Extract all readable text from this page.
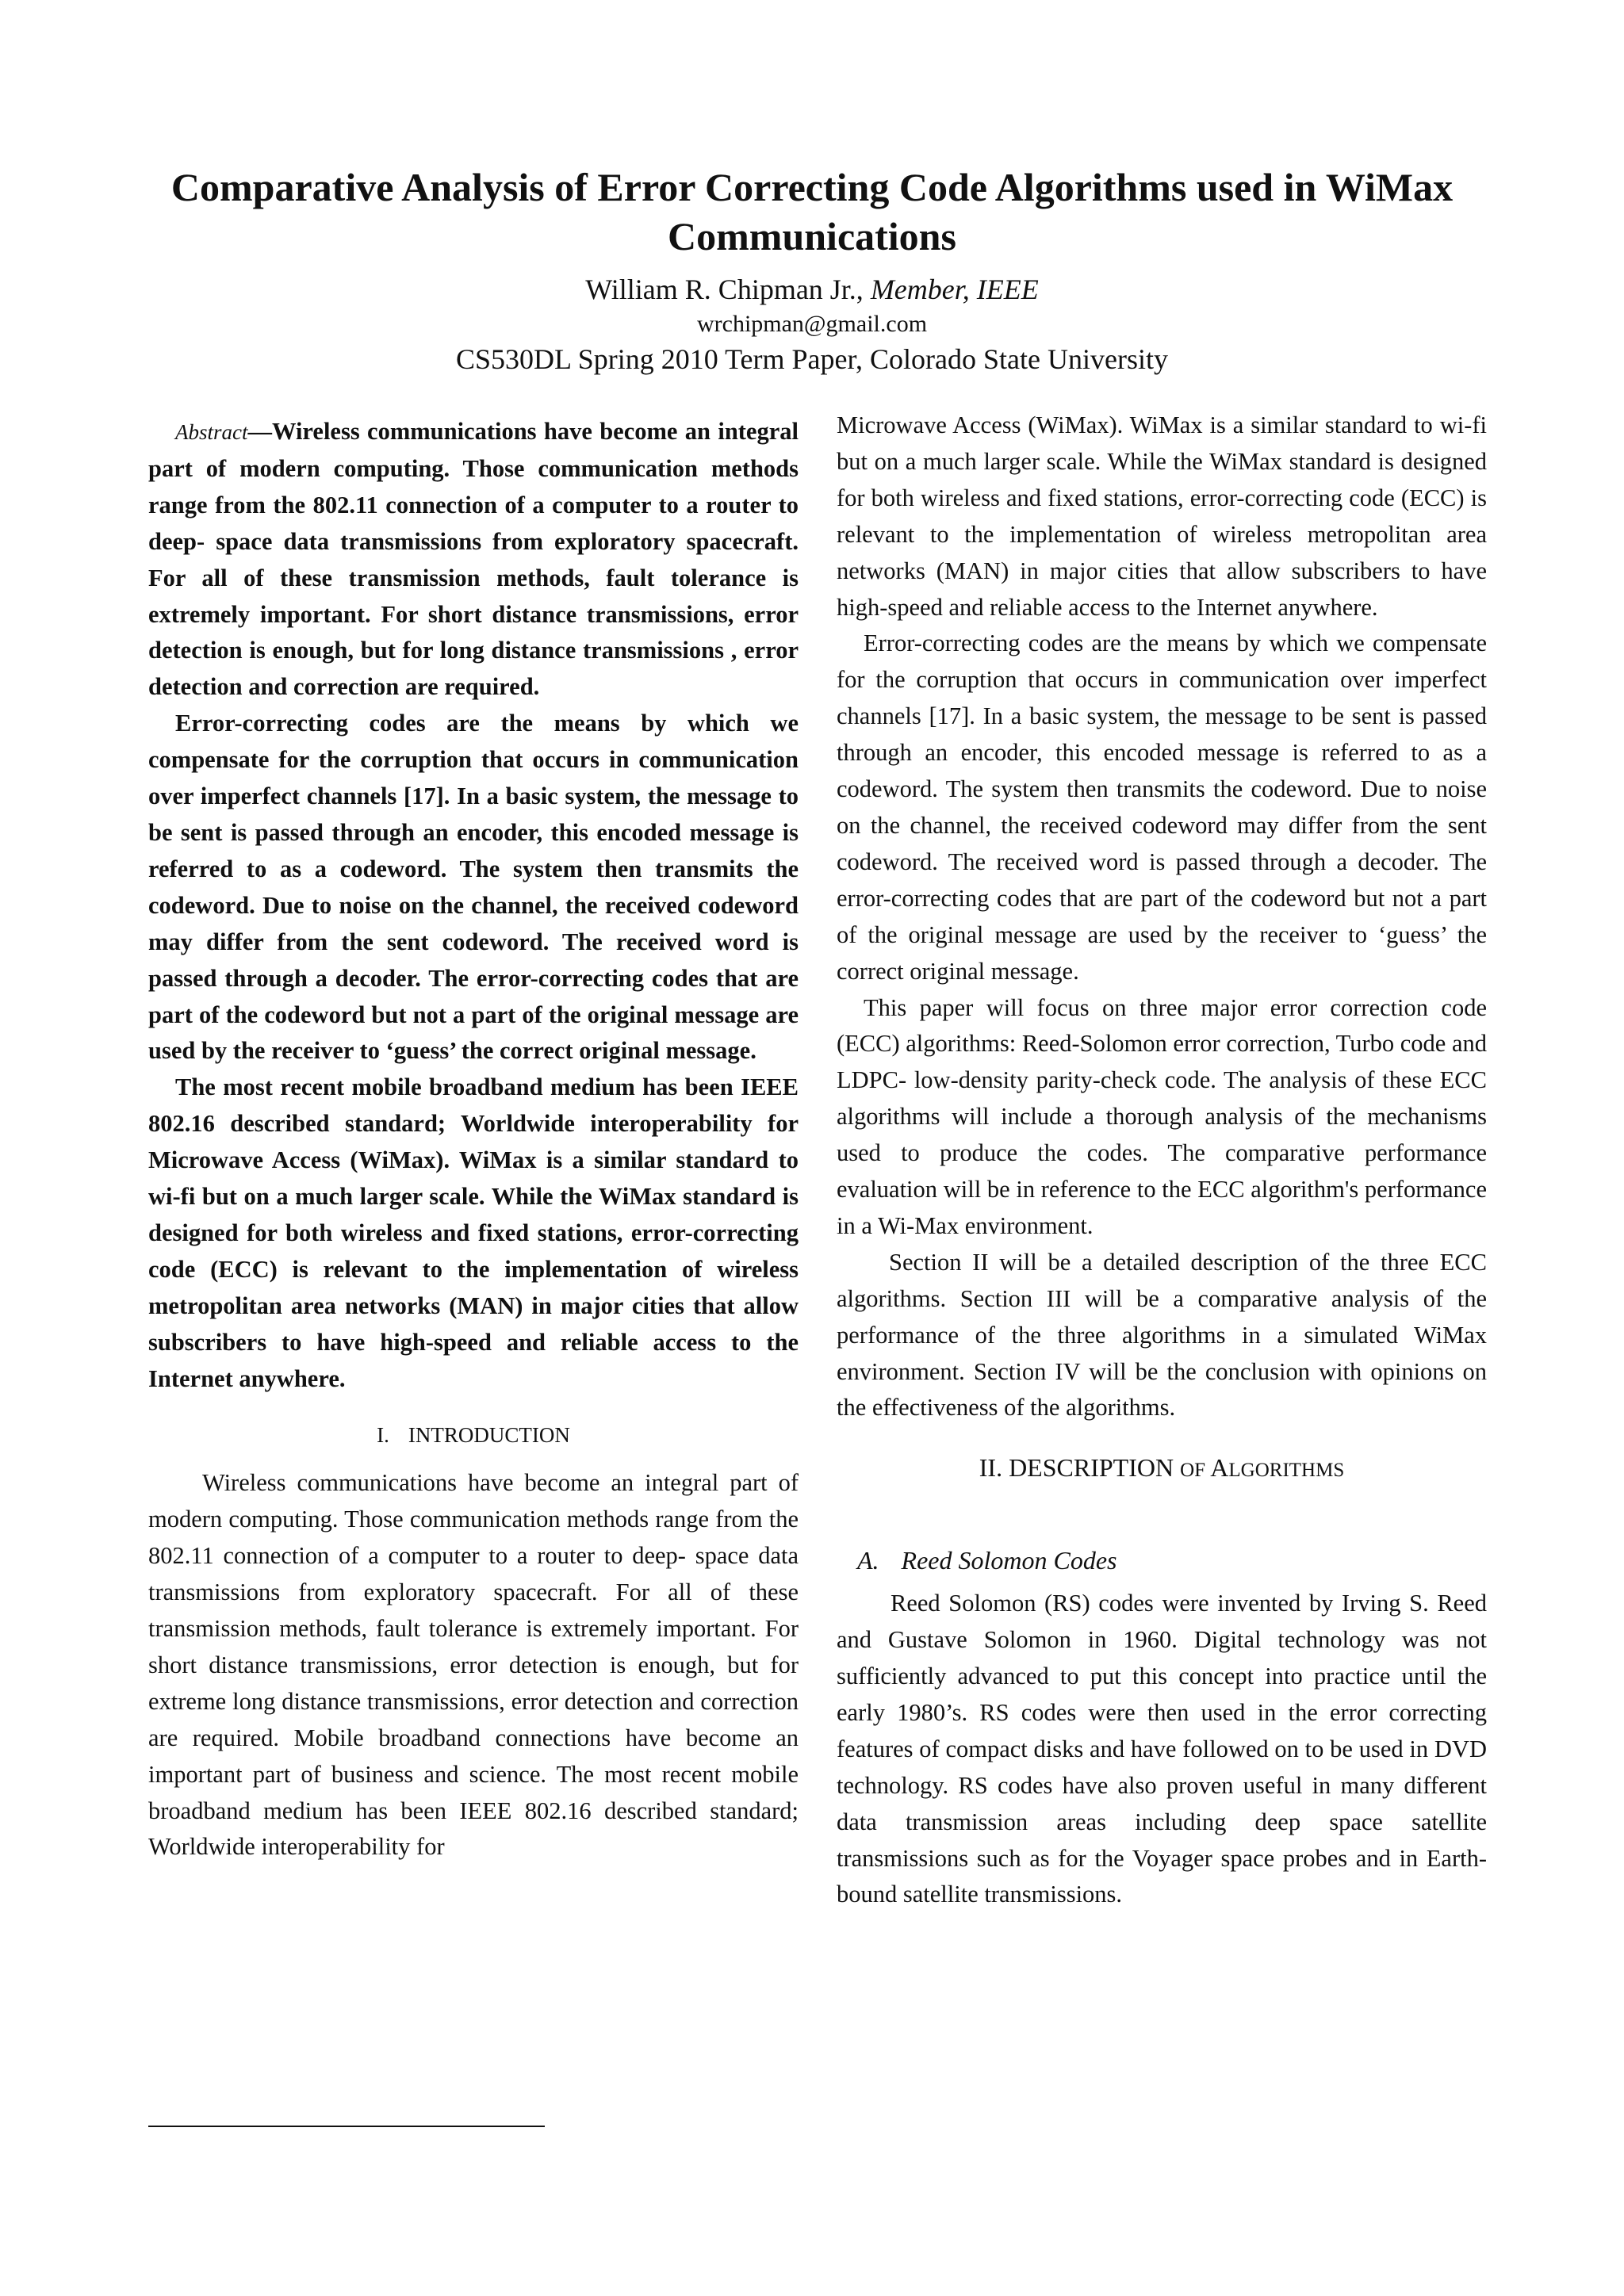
Comparative Analysis of Error Correcting Code Algorithms used in WiMax Communications
William R. Chipman Jr., Member, IEEE
wrchipman@gmail.com
CS530DL Spring 2010 Term Paper, Colorado State University

Abstract—Wireless communications have become an integral part of modern computing. Those communication methods range from the 802.11 connection of a computer to a router to deep- space data transmissions from exploratory spacecraft. For all of these transmission methods, fault tolerance is extremely important. For short distance transmissions, error detection is enough, but for long distance transmissions , error detection and correction are required.

Error-correcting codes are the means by which we compensate for the corruption that occurs in communication over imperfect channels [17]. In a basic system, the message to be sent is passed through an encoder, this encoded message is referred to as a codeword. The system then transmits the codeword. Due to noise on the channel, the received codeword may differ from the sent codeword. The received word is passed through a decoder. The error-correcting codes that are part of the codeword but not a part of the original message are used by the receiver to ‘guess’ the correct original message.

The most recent mobile broadband medium has been IEEE 802.16 described standard; Worldwide interoperability for Microwave Access (WiMax). WiMax is a similar standard to wi-fi but on a much larger scale. While the WiMax standard is designed for both wireless and fixed stations, error-correcting code (ECC) is relevant to the implementation of wireless metropolitan area networks (MAN) in major cities that allow subscribers to have high-speed and reliable access to the Internet anywhere.

I. INTRODUCTION

Wireless communications have become an integral part of modern computing. Those communication methods range from the 802.11 connection of a computer to a router to deep- space data transmissions from exploratory spacecraft. For all of these transmission methods, fault tolerance is extremely important. For short distance transmissions, error detection is enough, but for extreme long distance transmissions, error detection and correction are required. Mobile broadband connections have become an important part of business and science. The most recent mobile broadband medium has been IEEE 802.16 described standard; Worldwide interoperability for

Microwave Access (WiMax). WiMax is a similar standard to wi-fi but on a much larger scale. While the WiMax standard is designed for both wireless and fixed stations, error-correcting code (ECC) is relevant to the implementation of wireless metropolitan area networks (MAN) in major cities that allow subscribers to have high-speed and reliable access to the Internet anywhere.

Error-correcting codes are the means by which we compensate for the corruption that occurs in communication over imperfect channels [17]. In a basic system, the message to be sent is passed through an encoder, this encoded message is referred to as a codeword. The system then transmits the codeword. Due to noise on the channel, the received codeword may differ from the sent codeword. The received word is passed through a decoder. The error-correcting codes that are part of the codeword but not a part of the original message are used by the receiver to ‘guess’ the correct original message.

This paper will focus on three major error correction code (ECC) algorithms: Reed-Solomon error correction, Turbo code and LDPC- low-density parity-check code. The analysis of these ECC algorithms will include a thorough analysis of the mechanisms used to produce the codes. The comparative performance evaluation will be in reference to the ECC algorithm's performance in a Wi-Max environment.

Section II will be a detailed description of the three ECC algorithms. Section III will be a comparative analysis of the performance of the three algorithms in a simulated WiMax environment. Section IV will be the conclusion with opinions on the effectiveness of the algorithms.

II. DESCRIPTION OF ALGORITHMS

A. Reed Solomon Codes

Reed Solomon (RS) codes were invented by Irving S. Reed and Gustave Solomon in 1960. Digital technology was not sufficiently advanced to put this concept into practice until the early 1980’s. RS codes were then used in the error correcting features of compact disks and have followed on to be used in DVD technology. RS codes have also proven useful in many different data transmission areas including deep space satellite transmissions such as for the Voyager space probes and in Earth-bound satellite transmissions.
